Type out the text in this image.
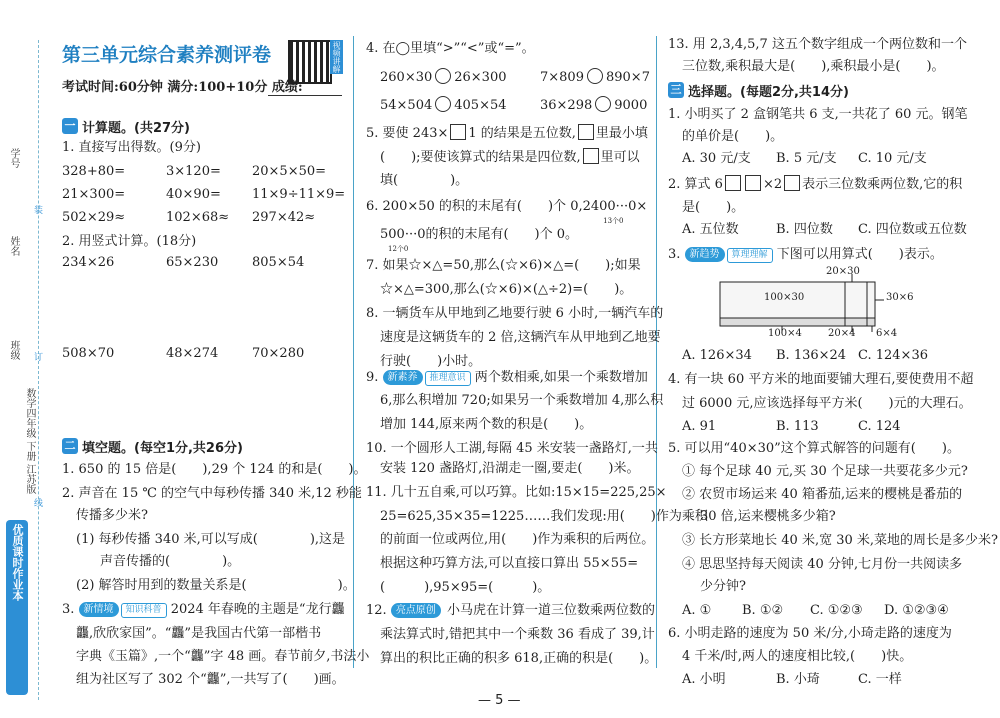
学号
姓名
班级
数学四年级 下册 江苏版
装
订
线
优质课时作业本
第三单元综合素养测评卷	视频讲解
考试时间:60分钟 满分:100+10分 成绩:
一 计算题。(共27分)
1. 直接写出得数。(9分)
328+80=	3×120= 20×5×50=
21×300=	40×90= 11×9÷11×9=
502×29≈	102×68≈ 297×42≈
2. 用竖式计算。(18分)
234×26	65×230	805×54
508×70	48×274	70×280
二 填空题。(每空1分,共26分)
1. 650 的 15 倍是(　　),29 个 124 的和是(　　)。
2. 声音在 15 ℃ 的空气中每秒传播 340 米,12 秒能
传播多少米?
(1) 每秒传播 340 米,可以写成(　　　　),这是
声音传播的(　　　　)。
(2) 解答时用到的数量关系是(　　　　　　　)。
3. 新情境 知识科普 2024 年春晚的主题是“龙行龘
龘,欣欣家国”。“龘”是我国古代第一部楷书
字典《玉篇》,一个“龘”字 48 画。春节前夕,书法小
组为社区写了 302 个“龘”,一共写了(　　)画。
4. 在◯里填“>”“<”或“=”。
260×30 26×300	7×809 890×7
54×504 405×54	36×298 9000
5. 要使 243× 1 的结果是五位数, 里最小填
(　　);要使该算式的结果是四位数, 里可以
填(　　　　)。
6. 200×50 的积的末尾有(　　)个 0,2400···0
13个0
×
500···0
12个0
的积的末尾有(　　)个 0。
7. 如果☆×△=50,那么(☆×6)×△=(　　);如果
☆×△=300,那么(☆×6)×(△÷2)=(　　)。
8. 一辆货车从甲地到乙地要行驶 6 小时,一辆汽车的
速度是这辆货车的 2 倍,这辆汽车从甲地到乙地要
行驶(　　)小时。
9. 新素养 推理意识 两个数相乘,如果一个乘数增加
6,那么积增加 720;如果另一个乘数增加 4,那么积
增加 144,原来两个数的积是(　　)。
10. 一个圆形人工湖,每隔 45 米安装一盏路灯,一共
安装 120 盏路灯,沿湖走一圈,要走(　　)米。
11. 几十五自乘,可以巧算。比如:15×15=225,25×
25=625,35×35=1225……我们发现:用(　　)作为乘积
的前面一位或两位,用(　　)作为乘积的后两位。
根据这种巧算方法,可以直接口算出 55×55=
(　　　),95×95=(　　　)。
12. 亮点原创 小马虎在计算一道三位数乘两位数的
乘法算式时,错把其中一个乘数 36 看成了 39,计
算出的积比正确的积多 618,正确的积是(　　)。
13. 用 2,3,4,5,7 这五个数字组成一个两位数和一个
三位数,乘积最大是(　　),乘积最小是(　　)。
三 选择题。(每题2分,共14分)
1. 小明买了 2 盒钢笔共 6 支,一共花了 60 元。钢笔
的单价是(　　)。
A. 30 元/支 B. 5 元/支 C. 10 元/支
2. 算式 6	×2 表示三位数乘两位数,它的积
是(　　)。
A. 五位数	B. 四位数 C. 四位数或五位数
3. 新趋势 算理理解 下图可以用算式(　　)表示。
20×30
100×30	30×6
100×4	20×4 6×4
A. 126×34 B. 136×24 C. 124×36
4. 有一块 60 平方米的地面要铺大理石,要使费用不超
过 6000 元,应该选择每平方米(　　)元的大理石。
A. 91	B. 113	C. 124
5. 可以用“40×30”这个算式解答的问题有(　　)。
① 每个足球 40 元,买 30 个足球一共要花多少元?
② 农贸市场运来 40 箱番茄,运来的樱桃是番茄的
30 倍,运来樱桃多少箱?
③ 长方形菜地长 40 米,宽 30 米,菜地的周长是多少米?
④ 思思坚持每天阅读 40 分钟,七月份一共阅读多
少分钟?
A. ① B. ①② C. ①②③ D. ①②③④
6. 小明走路的速度为 50 米/分,小琦走路的速度为
4 千米/时,两人的速度相比较,(　　)快。
A. 小明	B. 小琦	C. 一样
— 5 —
